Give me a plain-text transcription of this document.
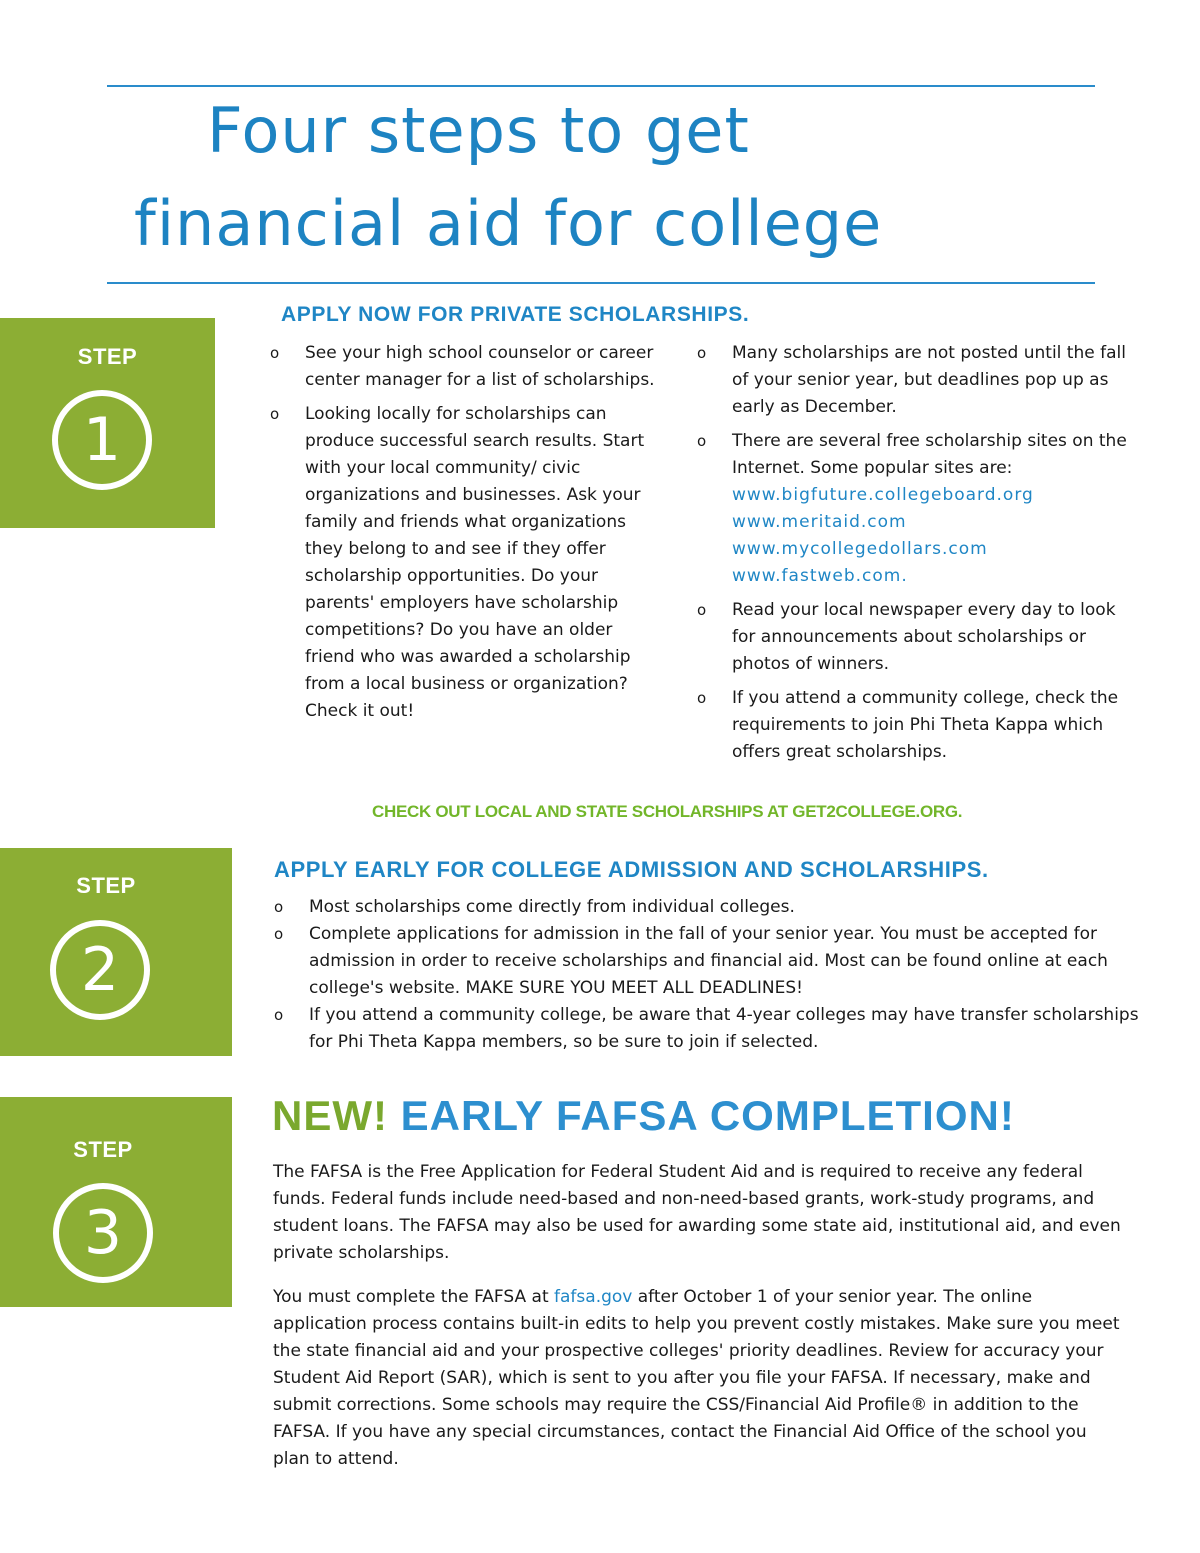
Four steps to get
financial aid for college
STEP
1
APPLY NOW FOR PRIVATE SCHOLARSHIPS.
o See your high school counselor or career center manager for a list of scholarships.
o Looking locally for scholarships can produce successful search results. Start with your local community/ civic organizations and businesses. Ask your family and friends what organizations they belong to and see if they offer scholarship opportunities. Do your parents' employers have scholarship competitions? Do you have an older friend who was awarded a scholarship from a local business or organization? Check it out!
o Many scholarships are not posted until the fall of your senior year, but deadlines pop up as early as December.
o There are several free scholarship sites on the Internet. Some popular sites are:
www.bigfuture.collegeboard.org
www.meritaid.com
www.mycollegedollars.com
www.fastweb.com.
o Read your local newspaper every day to look for announcements about scholarships or photos of winners.
o If you attend a community college, check the requirements to join Phi Theta Kappa which offers great scholarships.
CHECK OUT LOCAL AND STATE SCHOLARSHIPS AT GET2COLLEGE.ORG.
STEP
2
APPLY EARLY FOR COLLEGE ADMISSION AND SCHOLARSHIPS.
o Most scholarships come directly from individual colleges.
o Complete applications for admission in the fall of your senior year. You must be accepted for admission in order to receive scholarships and financial aid. Most can be found online at each college's website. MAKE SURE YOU MEET ALL DEADLINES!
o If you attend a community college, be aware that 4-year colleges may have transfer scholarships for Phi Theta Kappa members, so be sure to join if selected.
STEP
3
NEW! EARLY FAFSA COMPLETION!

The FAFSA is the Free Application for Federal Student Aid and is required to receive any federal funds. Federal funds include need-based and non-need-based grants, work-study programs, and student loans. The FAFSA may also be used for awarding some state aid, institutional aid, and even private scholarships.

You must complete the FAFSA at fafsa.gov after October 1 of your senior year. The online application process contains built-in edits to help you prevent costly mistakes. Make sure you meet the state financial aid and your prospective colleges' priority deadlines. Review for accuracy your Student Aid Report (SAR), which is sent to you after you file your FAFSA. If necessary, make and submit corrections. Some schools may require the CSS/Financial Aid Profile® in addition to the FAFSA. If you have any special circumstances, contact the Financial Aid Office of the school you plan to attend.
